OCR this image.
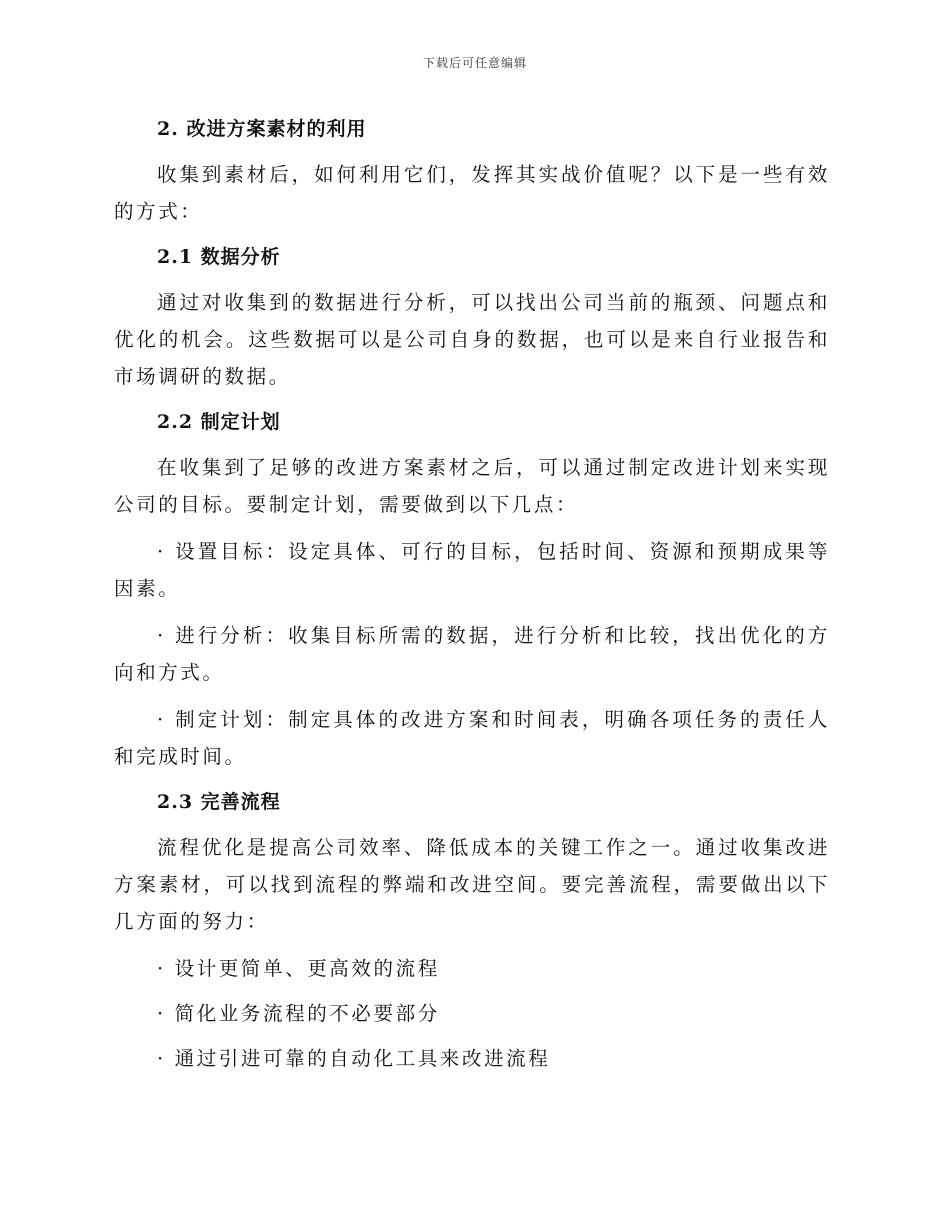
下载后可任意编辑
2. 改进方案素材的利用

收集到素材后，如何利用它们，发挥其实战价值呢？以下是一些有效的方式：

2.1 数据分析

通过对收集到的数据进行分析，可以找出公司当前的瓶颈、问题点和优化的机会。这些数据可以是公司自身的数据，也可以是来自行业报告和市场调研的数据。

2.2 制定计划

在收集到了足够的改进方案素材之后，可以通过制定改进计划来实现公司的目标。要制定计划，需要做到以下几点：

· 设置目标：设定具体、可行的目标，包括时间、资源和预期成果等因素。

· 进行分析：收集目标所需的数据，进行分析和比较，找出优化的方向和方式。

· 制定计划：制定具体的改进方案和时间表，明确各项任务的责任人和完成时间。

2.3 完善流程

流程优化是提高公司效率、降低成本的关键工作之一。通过收集改进方案素材，可以找到流程的弊端和改进空间。要完善流程，需要做出以下几方面的努力：

· 设计更简单、更高效的流程

· 简化业务流程的不必要部分

· 通过引进可靠的自动化工具来改进流程
